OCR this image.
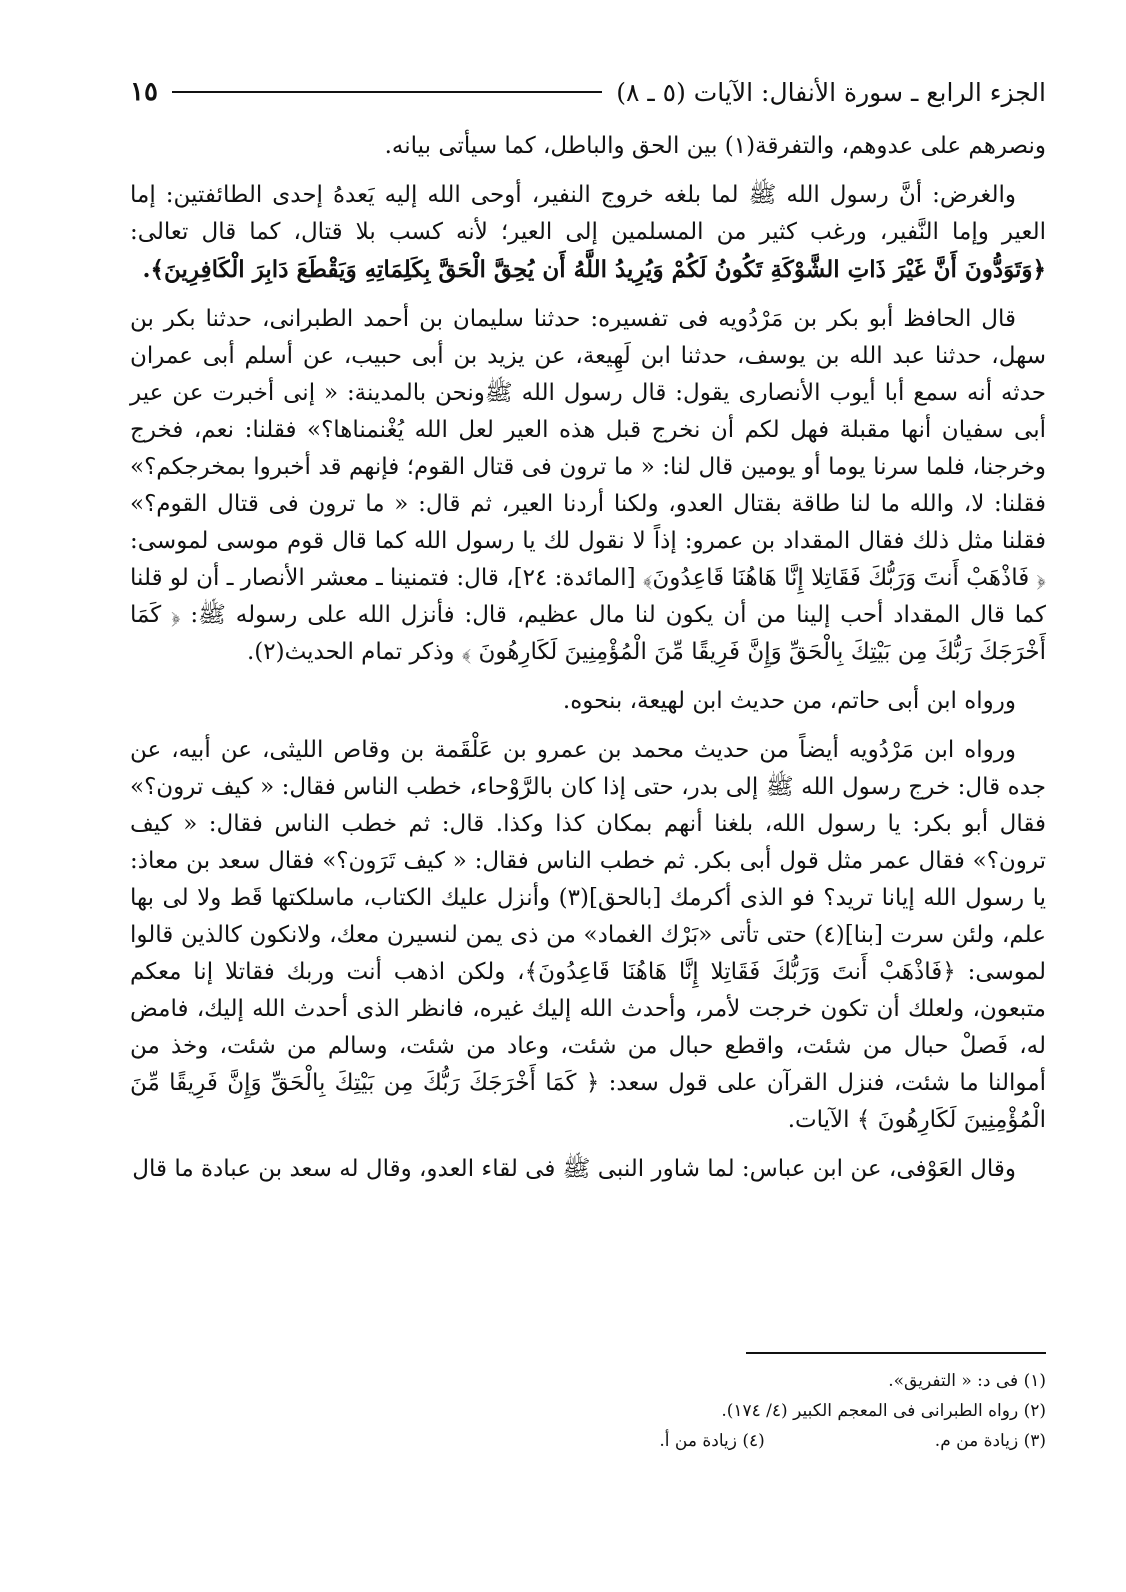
الجزء الرابع ـ سورة الأنفال: الآيات (٥ ـ ٨)
١٥

ونصرهم على عدوهم، والتفرقة(١) بين الحق والباطل، كما سيأتى بيانه.

والغرض: أنَّ رسول الله ﷺ لما بلغه خروج النفير، أوحى الله إليه يَعدهُ إحدى الطائفتين: إما العير وإما النَّفير، ورغب كثير من المسلمين إلى العير؛ لأنه كسب بلا قتال، كما قال تعالى: ﴿وَتَوَدُّونَ أَنَّ غَيْرَ ذَاتِ الشَّوْكَةِ تَكُونُ لَكُمْ وَيُرِيدُ اللَّهُ أَن يُحِقَّ الْحَقَّ بِكَلِمَاتِهِ وَيَقْطَعَ دَابِرَ الْكَافِرِينَ﴾.

قال الحافظ أبو بكر بن مَرْدُويه فى تفسيره: حدثنا سليمان بن أحمد الطبرانى، حدثنا بكر بن سهل، حدثنا عبد الله بن يوسف، حدثنا ابن لَهِيعة، عن يزيد بن أبى حبيب، عن أسلم أبى عمران حدثه أنه سمع أبا أيوب الأنصارى يقول: قال رسول الله ﷺونحن بالمدينة: « إنى أخبرت عن عير أبى سفيان أنها مقبلة فهل لكم أن نخرج قبل هذه العير لعل الله يُغْنمناها؟» فقلنا: نعم، فخرج وخرجنا، فلما سرنا يوما أو يومين قال لنا: « ما ترون فى قتال القوم؛ فإنهم قد أخبروا بمخرجكم؟» فقلنا: لا، والله ما لنا طاقة بقتال العدو، ولكنا أردنا العير، ثم قال: « ما ترون فى قتال القوم؟» فقلنا مثل ذلك فقال المقداد بن عمرو: إذاً لا نقول لك يا رسول الله كما قال قوم موسى لموسى: ﴿ فَاذْهَبْ أَنتَ وَرَبُّكَ فَقَاتِلا إِنَّا هَاهُنَا قَاعِدُونَ﴾ [المائدة: ٢٤]، قال: فتمنينا ـ معشر الأنصار ـ أن لو قلنا كما قال المقداد أحب إلينا من أن يكون لنا مال عظيم، قال: فأنزل الله على رسوله ﷺ: ﴿ كَمَا أَخْرَجَكَ رَبُّكَ مِن بَيْتِكَ بِالْحَقِّ وَإِنَّ فَرِيقًا مِّنَ الْمُؤْمِنِينَ لَكَارِهُونَ ﴾ وذكر تمام الحديث(٢).

ورواه ابن أبى حاتم، من حديث ابن لهيعة، بنحوه.

ورواه ابن مَرْدُويه أيضاً من حديث محمد بن عمرو بن عَلْقَمة بن وقاص الليثى، عن أبيه، عن جده قال: خرج رسول الله ﷺ إلى بدر، حتى إذا كان بالرَّوْحاء، خطب الناس فقال: « كيف ترون؟» فقال أبو بكر: يا رسول الله، بلغنا أنهم بمكان كذا وكذا. قال: ثم خطب الناس فقال: « كيف ترون؟» فقال عمر مثل قول أبى بكر. ثم خطب الناس فقال: « كيف تَرَون؟» فقال سعد بن معاذ: يا رسول الله إيانا تريد؟ فو الذى أكرمك [بالحق](٣) وأنزل عليك الكتاب، ماسلكتها قَط ولا لى بها علم، ولئن سرت [بنا](٤) حتى تأتى «بَرْك الغماد» من ذى يمن لنسيرن معك، ولانكون كالذين قالوا لموسى: ﴿فَاذْهَبْ أَنتَ وَرَبُّكَ فَقَاتِلا إِنَّا هَاهُنَا قَاعِدُونَ﴾، ولكن اذهب أنت وربك فقاتلا إنا معكم متبعون، ولعلك أن تكون خرجت لأمر، وأحدث الله إليك غيره، فانظر الذى أحدث الله إليك، فامض له، فَصلْ حبال من شئت، واقطع حبال من شئت، وعاد من شئت، وسالم من شئت، وخذ من أموالنا ما شئت، فنزل القرآن على قول سعد: ﴿ كَمَا أَخْرَجَكَ رَبُّكَ مِن بَيْتِكَ بِالْحَقِّ وَإِنَّ فَرِيقًا مِّنَ الْمُؤْمِنِينَ لَكَارِهُونَ ﴾ الآيات.

وقال العَوْفى، عن ابن عباس: لما شاور النبى ﷺ فى لقاء العدو، وقال له سعد بن عبادة ما قال

(١) فى د: « التفريق».
(٢) رواه الطبرانى فى المعجم الكبير (٤/ ١٧٤).
(٣) زيادة من م.
(٤) زيادة من أ.
